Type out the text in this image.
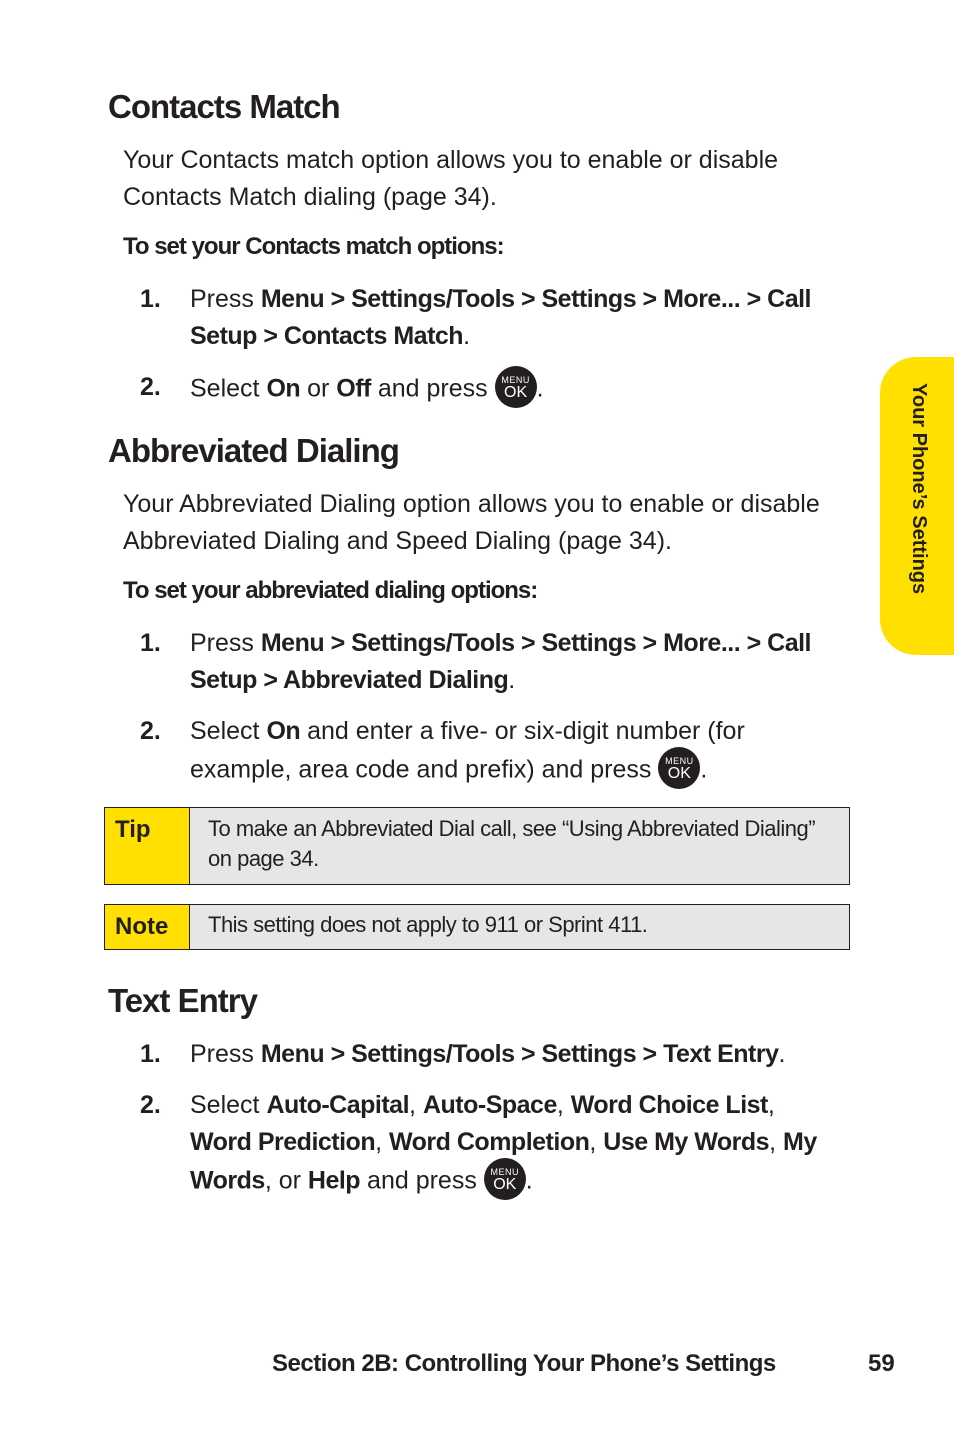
Contacts Match

Your Contacts match option allows you to enable or disable Contacts Match dialing (page 34).

To set your Contacts match options:

1. Press Menu > Settings/Tools > Settings > More... > Call Setup > Contacts Match.
2. Select On or Off and press MENU
OK .
Abbreviated Dialing

Your Abbreviated Dialing option allows you to enable or disable Abbreviated Dialing and Speed Dialing (page 34).

To set your abbreviated dialing options:

1. Press Menu > Settings/Tools > Settings > More... > Call Setup > Abbreviated Dialing.
2. Select On and enter a five- or six-digit number (for example, area code and prefix) and press MENU
OK .
Tip	To make an Abbreviated Dial call, see “Using Abbreviated Dialing” on page 34.
Note	This setting does not apply to 911 or Sprint 411.
Text Entry
1. Press Menu > Settings/Tools > Settings > Text Entry.
2. Select Auto-Capital, Auto-Space, Word Choice List, Word Prediction, Word Completion, Use My Words, My Words, or Help and press MENU
OK .
Your Phone’s Settings
Section 2B: Controlling Your Phone’s Settings	59
